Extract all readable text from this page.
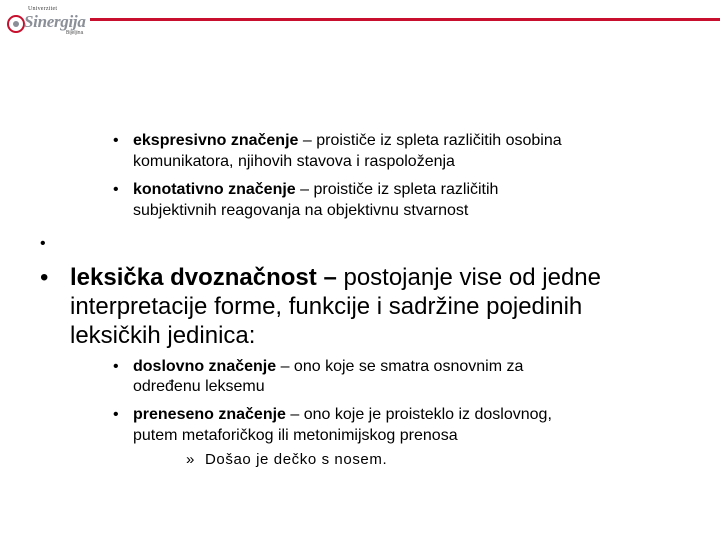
Univerzitet
Sinergija
Bijeljina
• ekspresivno značenje – proističe iz spleta različitih osobina
komunikatora, njihovih stavova i raspoloženja
• konotativno značenje – proističe iz spleta različitih
subjektivnih reagovanja na objektivnu stvarnost
•
• leksička dvoznačnost – postojanje vise od jedne
interpretacije forme, funkcije i sadržine pojedinih
leksičkih jedinica:
• doslovno značenje – ono koje se smatra osnovnim za
određenu leksemu
• preneseno značenje – ono koje je proisteklo iz doslovnog,
putem metaforičkog ili metonimijskog prenosa
» Došao je dečko s nosem.
